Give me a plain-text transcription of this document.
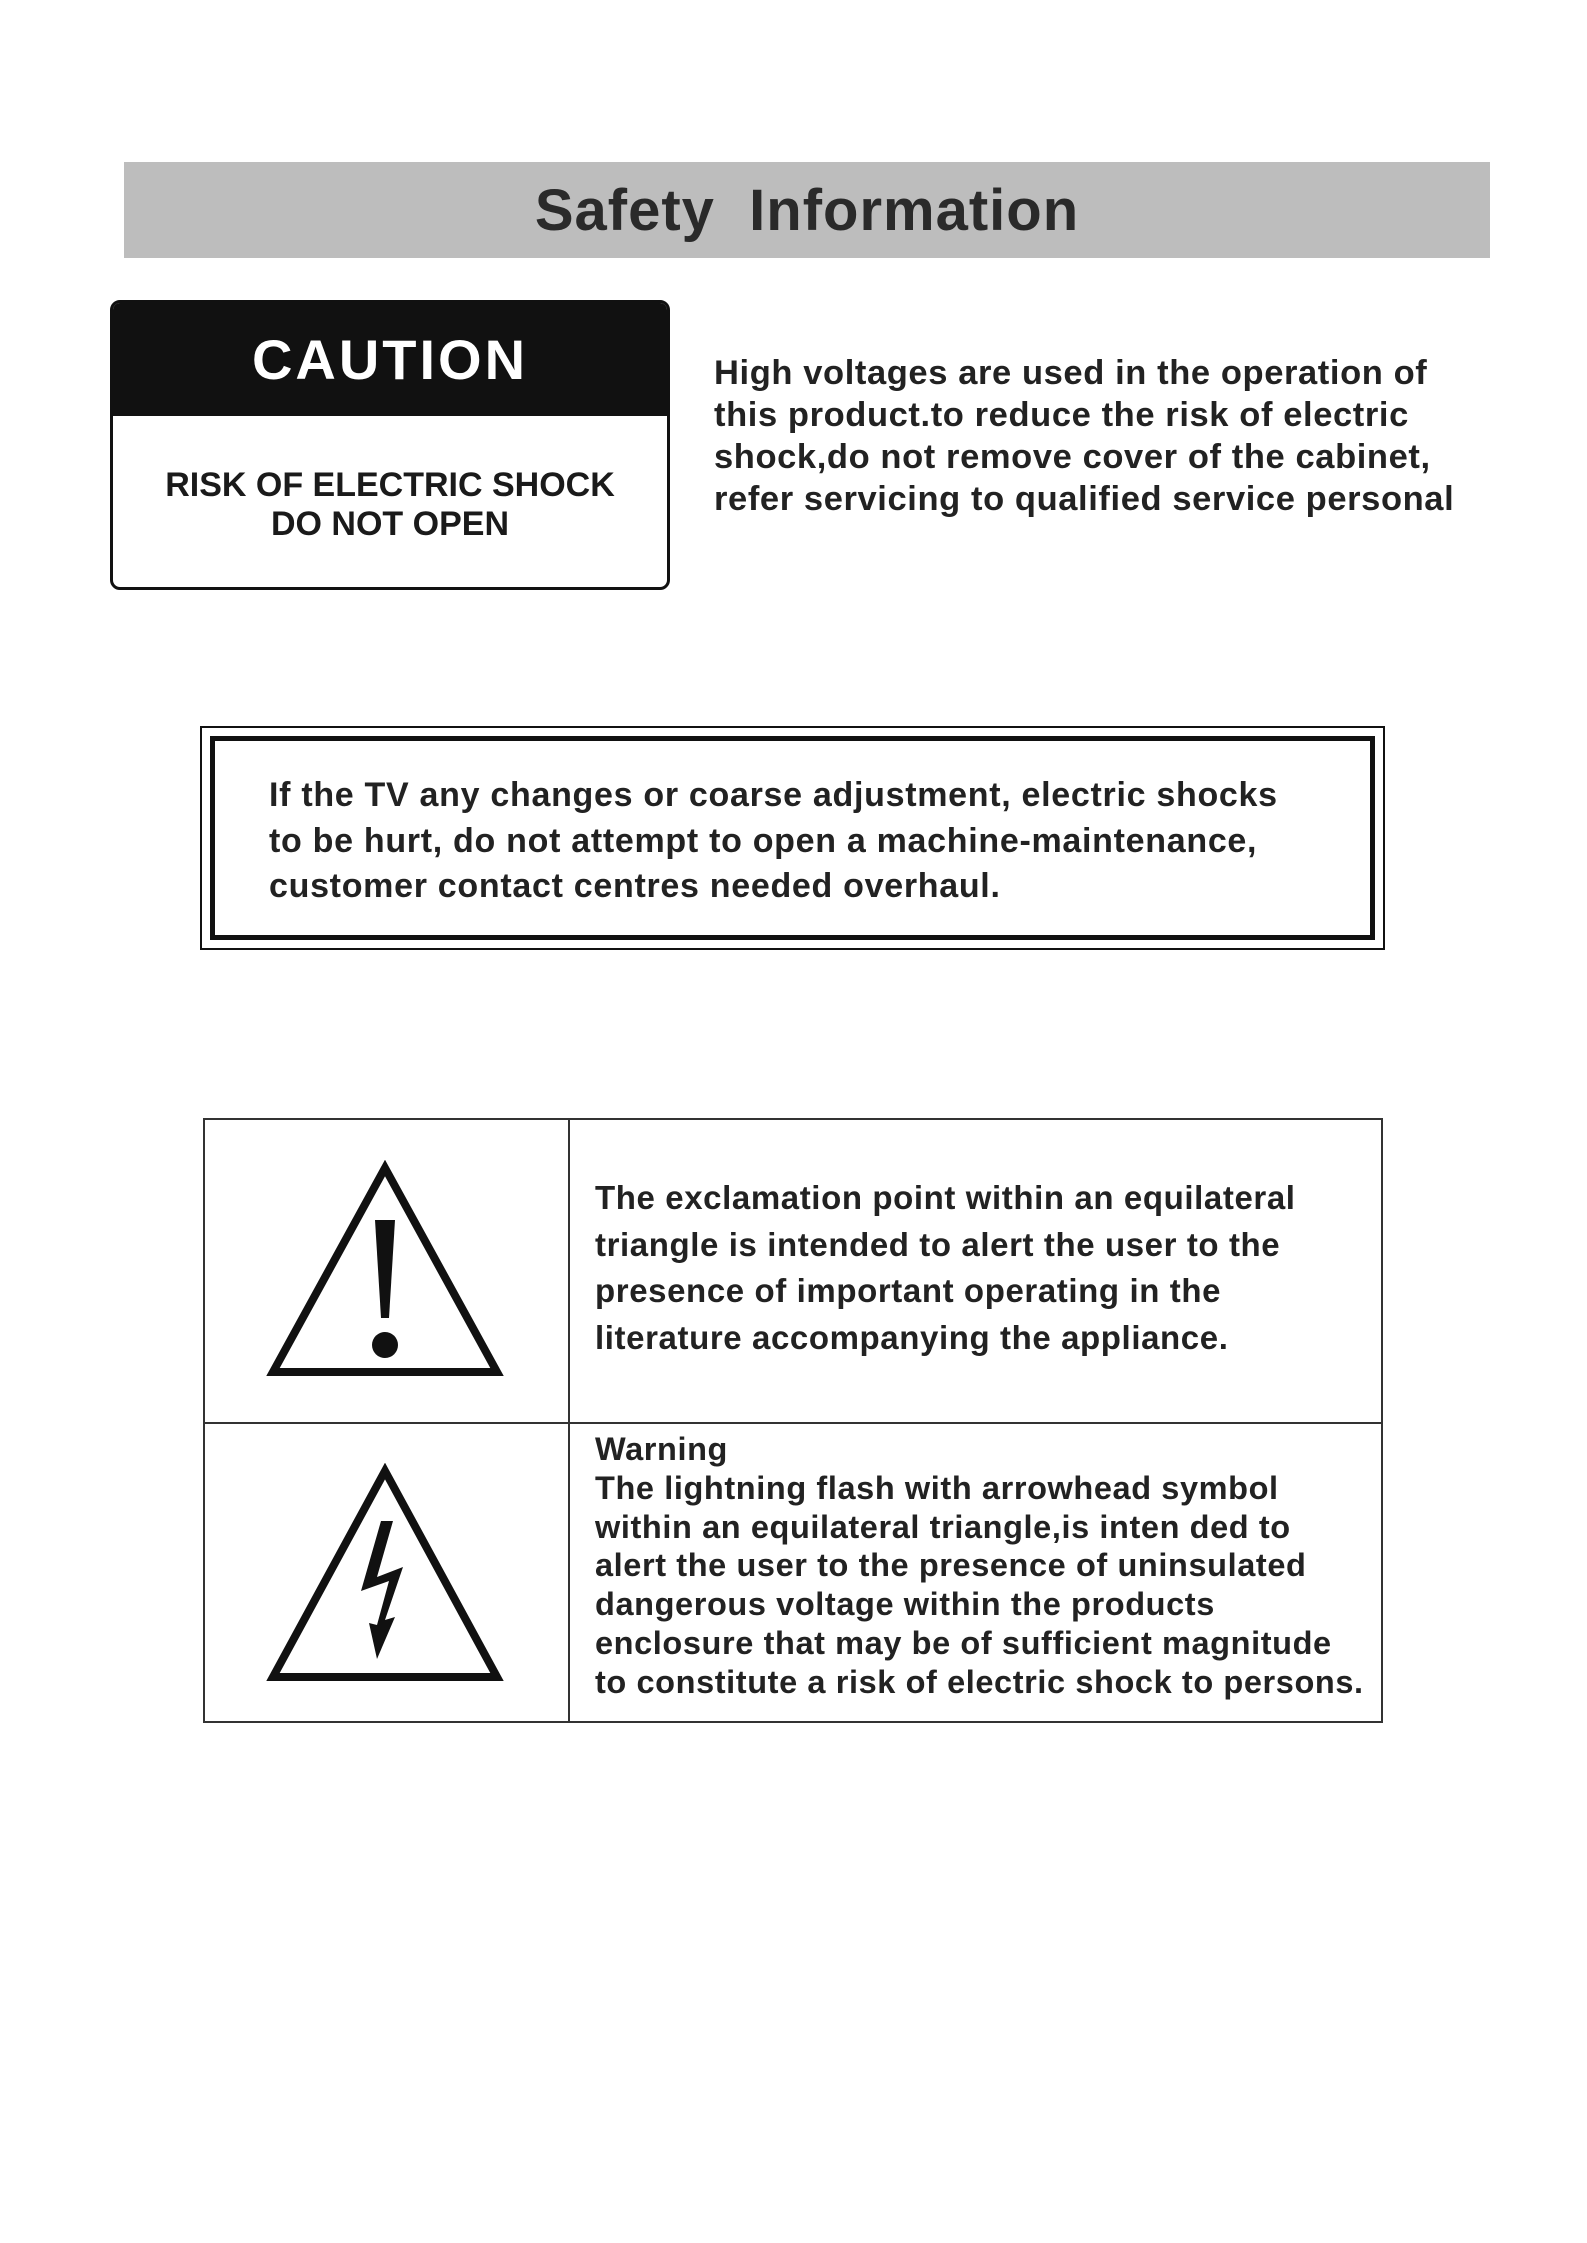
Safety  Information
CAUTION
RISK OF ELECTRIC SHOCK
DO NOT OPEN
High voltages are used in the operation of
this product.to reduce the risk of electric
shock,do not remove cover of the cabinet,
refer servicing to qualified service personal
If the TV any changes or coarse adjustment, electric shocks
to be hurt, do not attempt to open a machine-maintenance,
customer contact centres needed overhaul.
The exclamation point within an equilateral
triangle is intended to alert the user to the
presence of important operating in the
literature accompanying the appliance.
Warning
The lightning flash with arrowhead symbol
within an equilateral triangle,is inten ded to
alert the user to the presence of uninsulated
dangerous voltage within the products
enclosure that may be of sufficient magnitude
to constitute a risk of electric shock to persons.
